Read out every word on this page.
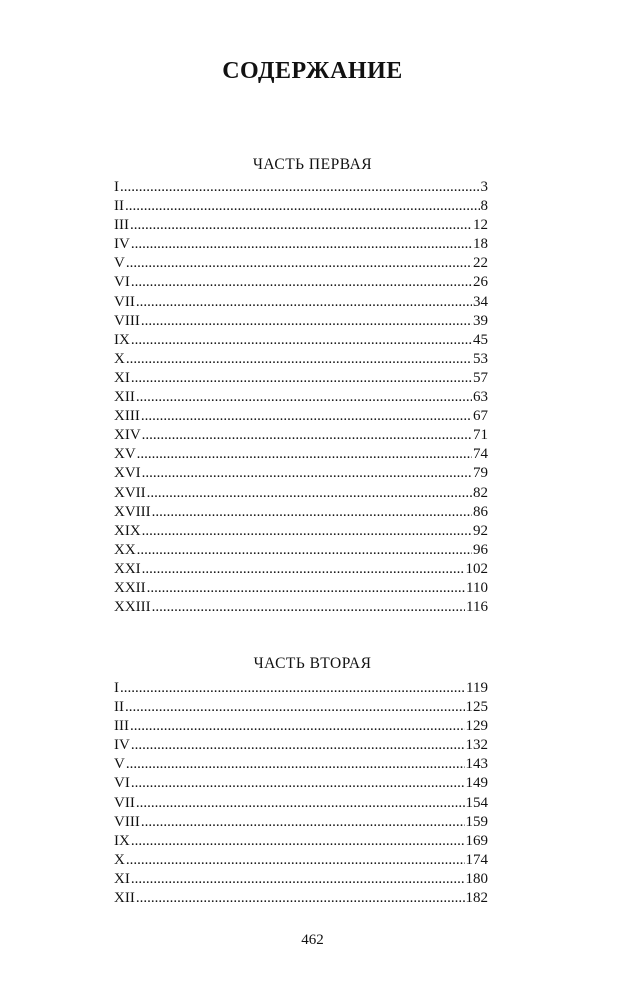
СОДЕРЖАНИЕ
ЧАСТЬ ПЕРВАЯ
I .....	3
II .....	8
III .....	12
IV .....	18
V .....	22
VI .....	26
VII .....	34
VIII .....	39
IX .....	45
X .....	53
XI .....	57
XII .....	63
XIII .....	67
XIV .....	71
XV .....	74
XVI .....	79
XVII .....	82
XVIII .....	86
XIX .....	92
XX .....	96
XXI .....	102
XXII .....	110
XXIII .....	116
ЧАСТЬ ВТОРАЯ
I .....	119
II .....	125
III .....	129
IV .....	132
V .....	143
VI .....	149
VII .....	154
VIII .....	159
IX .....	169
X .....	174
XI .....	180
XII .....	182
462
